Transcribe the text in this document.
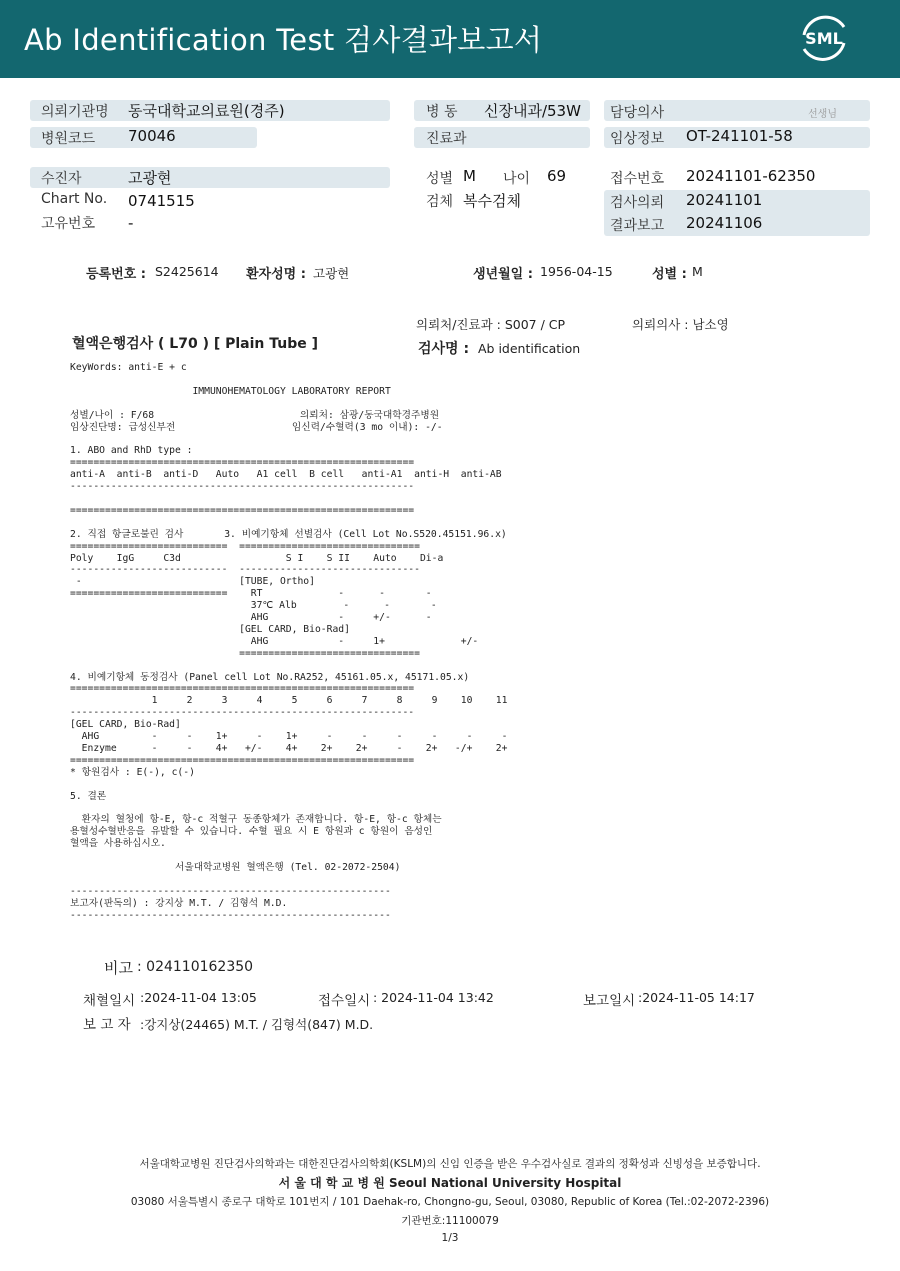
Ab Identification Test 검사결과보고서	SML
의뢰기관명 동국대학교의료원(경주)	병 동 신장내과/53W 담당의사	선생님
병원코드 70046	진료과	임상정보 OT-241101-58
수진자	고광현	성별 M 나이 69	접수번호 20241101-62350
Chart No. 0741515	검체 복수검체	검사의뢰 20241101
고유번호 -	결과보고 20241106
등록번호 : S2425614 환자성명 : 고광현	생년월일 : 1956-04-15	성별 : M
의뢰처/진료과 : S007 / CP	의뢰의사 : 남소영
혈액은행검사 ( L70 ) [ Plain Tube ]	검사명 : Ab identification
KeyWords: anti-E + c

IMMUNOHEMATOLOGY LABORATORY REPORT

성별/나이 : F/68                         의뢰처: 삼광/동국대학경주병원
임상진단명: 급성신부전                    임신력/수혈력(3 mo 이내): -/-

1. ABO and RhD type :
===========================================================
anti-A  anti-B  anti-D   Auto   A1 cell  B cell   anti-A1  anti-H  anti-AB
-----------------------------------------------------------

===========================================================

2. 직접 항글로불린 검사       3. 비예기항체 선별검사 (Cell Lot No.S520.45151.96.x)
===========================  ===============================
Poly    IgG     C3d                  S I    S II    Auto    Di-a
---------------------------  -------------------------------
-                           [TUBE, Ortho]
===========================    RT             -      -       -
37℃ Alb        -      -       -
AHG            -     +/-      -
[GEL CARD, Bio-Rad]
AHG            -     1+             +/-
===============================

4. 비예기항체 동정검사 (Panel cell Lot No.RA252, 45161.05.x, 45171.05.x)
===========================================================
1     2     3     4     5     6     7     8     9    10    11
-----------------------------------------------------------
[GEL CARD, Bio-Rad]
AHG         -     -    1+     -    1+     -     -     -     -     -     -
Enzyme      -     -    4+   +/-    4+    2+    2+     -    2+   -/+    2+
===========================================================
* 항원검사 : E(-), c(-)

5. 결론

환자의 혈청에 항-E, 항-c 적혈구 동종항체가 존재합니다. 항-E, 항-c 항체는
용혈성수혈반응을 유발할 수 있습니다. 수혈 필요 시 E 항원과 c 항원이 음성인
혈액을 사용하십시오.

서울대학교병원 혈액은행 (Tel. 02-2072-2504)

-------------------------------------------------------
보고자(판독의) : 강지상 M.T. / 김형석 M.D.
-------------------------------------------------------
비고 : 024110162350
채혈일시 :2024-11-04 13:05	접수일시 : 2024-11-04 13:42	보고일시 :2024-11-05 14:17
보 고 자 :강지상(24465) M.T. / 김형석(847) M.D.
서울대학교병원 진단검사의학과는 대한진단검사의학회(KSLM)의 신임 인증을 받은 우수검사실로 결과의 정확성과 신빙성을 보증합니다.
서 울 대 학 교 병 원 Seoul National University Hospital
03080 서울특별시 종로구 대학로 101번지 / 101 Daehak-ro, Chongno-gu, Seoul, 03080, Republic of Korea (Tel.:02-2072-2396)
기관번호:11100079
1/3
